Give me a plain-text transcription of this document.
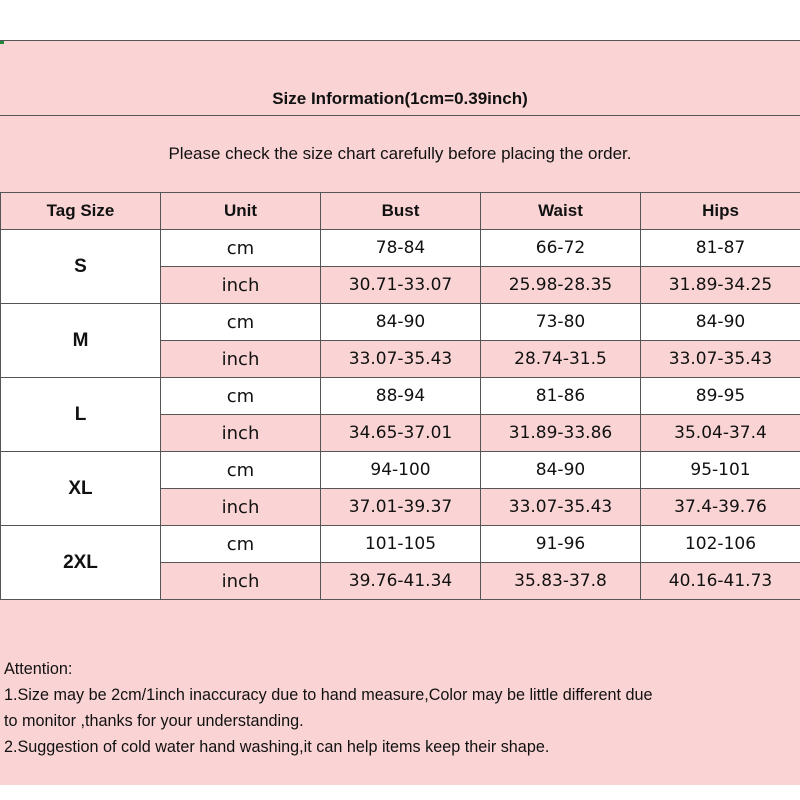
Size Information(1cm=0.39inch)
Please check the size chart carefully before placing the order.
Tag Size	Unit	Bust	Waist	Hips
S	cm	78-84	66-72	81-87
	inch	30.71-33.07	25.98-28.35	31.89-34.25
M	cm	84-90	73-80	84-90
	inch	33.07-35.43	28.74-31.5	33.07-35.43
L	cm	88-94	81-86	89-95
	inch	34.65-37.01	31.89-33.86	35.04-37.4
XL	cm	94-100	84-90	95-101
	inch	37.01-39.37	33.07-35.43	37.4-39.76
2XL	cm	101-105	91-96	102-106
	inch	39.76-41.34	35.83-37.8	40.16-41.73
Attention:
1.Size may be 2cm/1inch inaccuracy due to hand measure,Color may be little different due
to monitor ,thanks for your understanding.
2.Suggestion of cold water hand washing,it can help items keep their shape.
